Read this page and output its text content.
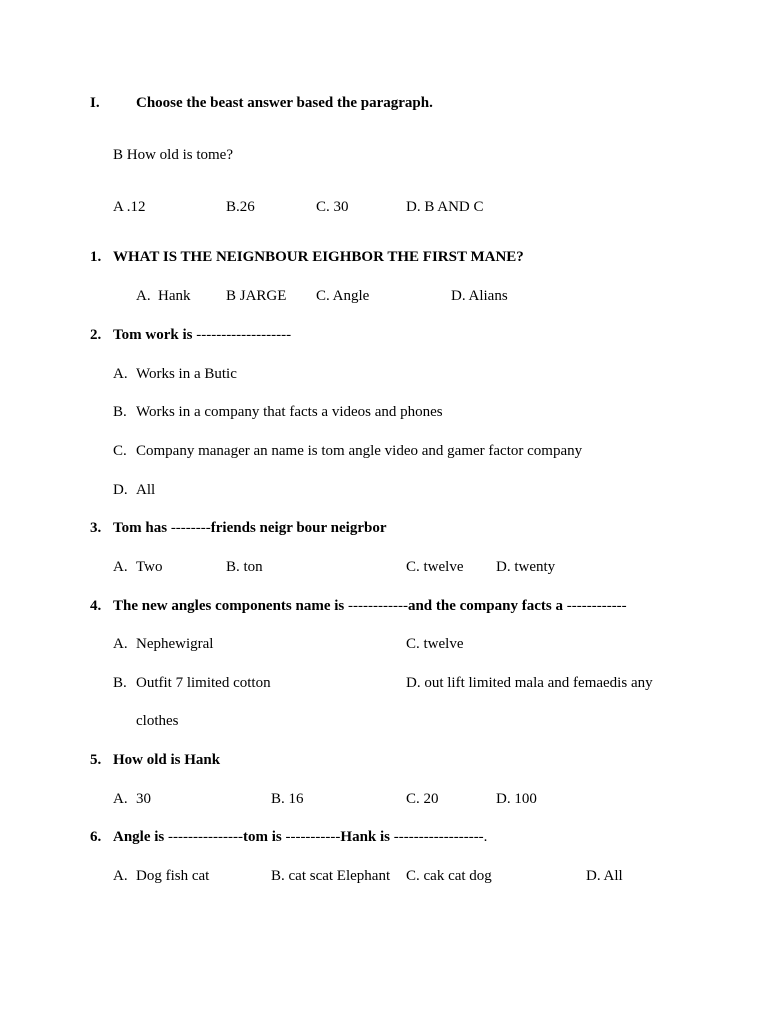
I. Choose the beast answer based the paragraph.
B How old is tome?
A .12	B.26	C. 30	D. B AND C
1. WHAT IS THE NEIGNBOUR EIGHBOR THE FIRST MANE?
A. Hank B JARGE C. Angle	D. Alians
2. Tom work is -------------------
A. Works in a Butic
B. Works in a company that facts a videos and phones
C. Company manager an name is tom angle video and gamer factor company
D. All
3. Tom has --------friends neigr bour neigrbor
A. Two	B. ton	C. twelve D. twenty
4. The new angles components name is ------------and the company facts a ------------
A. Nephewigral	C. twelve
B. Outfit 7 limited cotton	D. out lift limited mala and femaedis any
clothes
5. How old is Hank
A. 30	B. 16	C. 20	D. 100
6. Angle is ---------------tom is -----------Hank is ------------------.
A. Dog fish cat	B. cat scat Elephant C. cak cat dog	D. All
